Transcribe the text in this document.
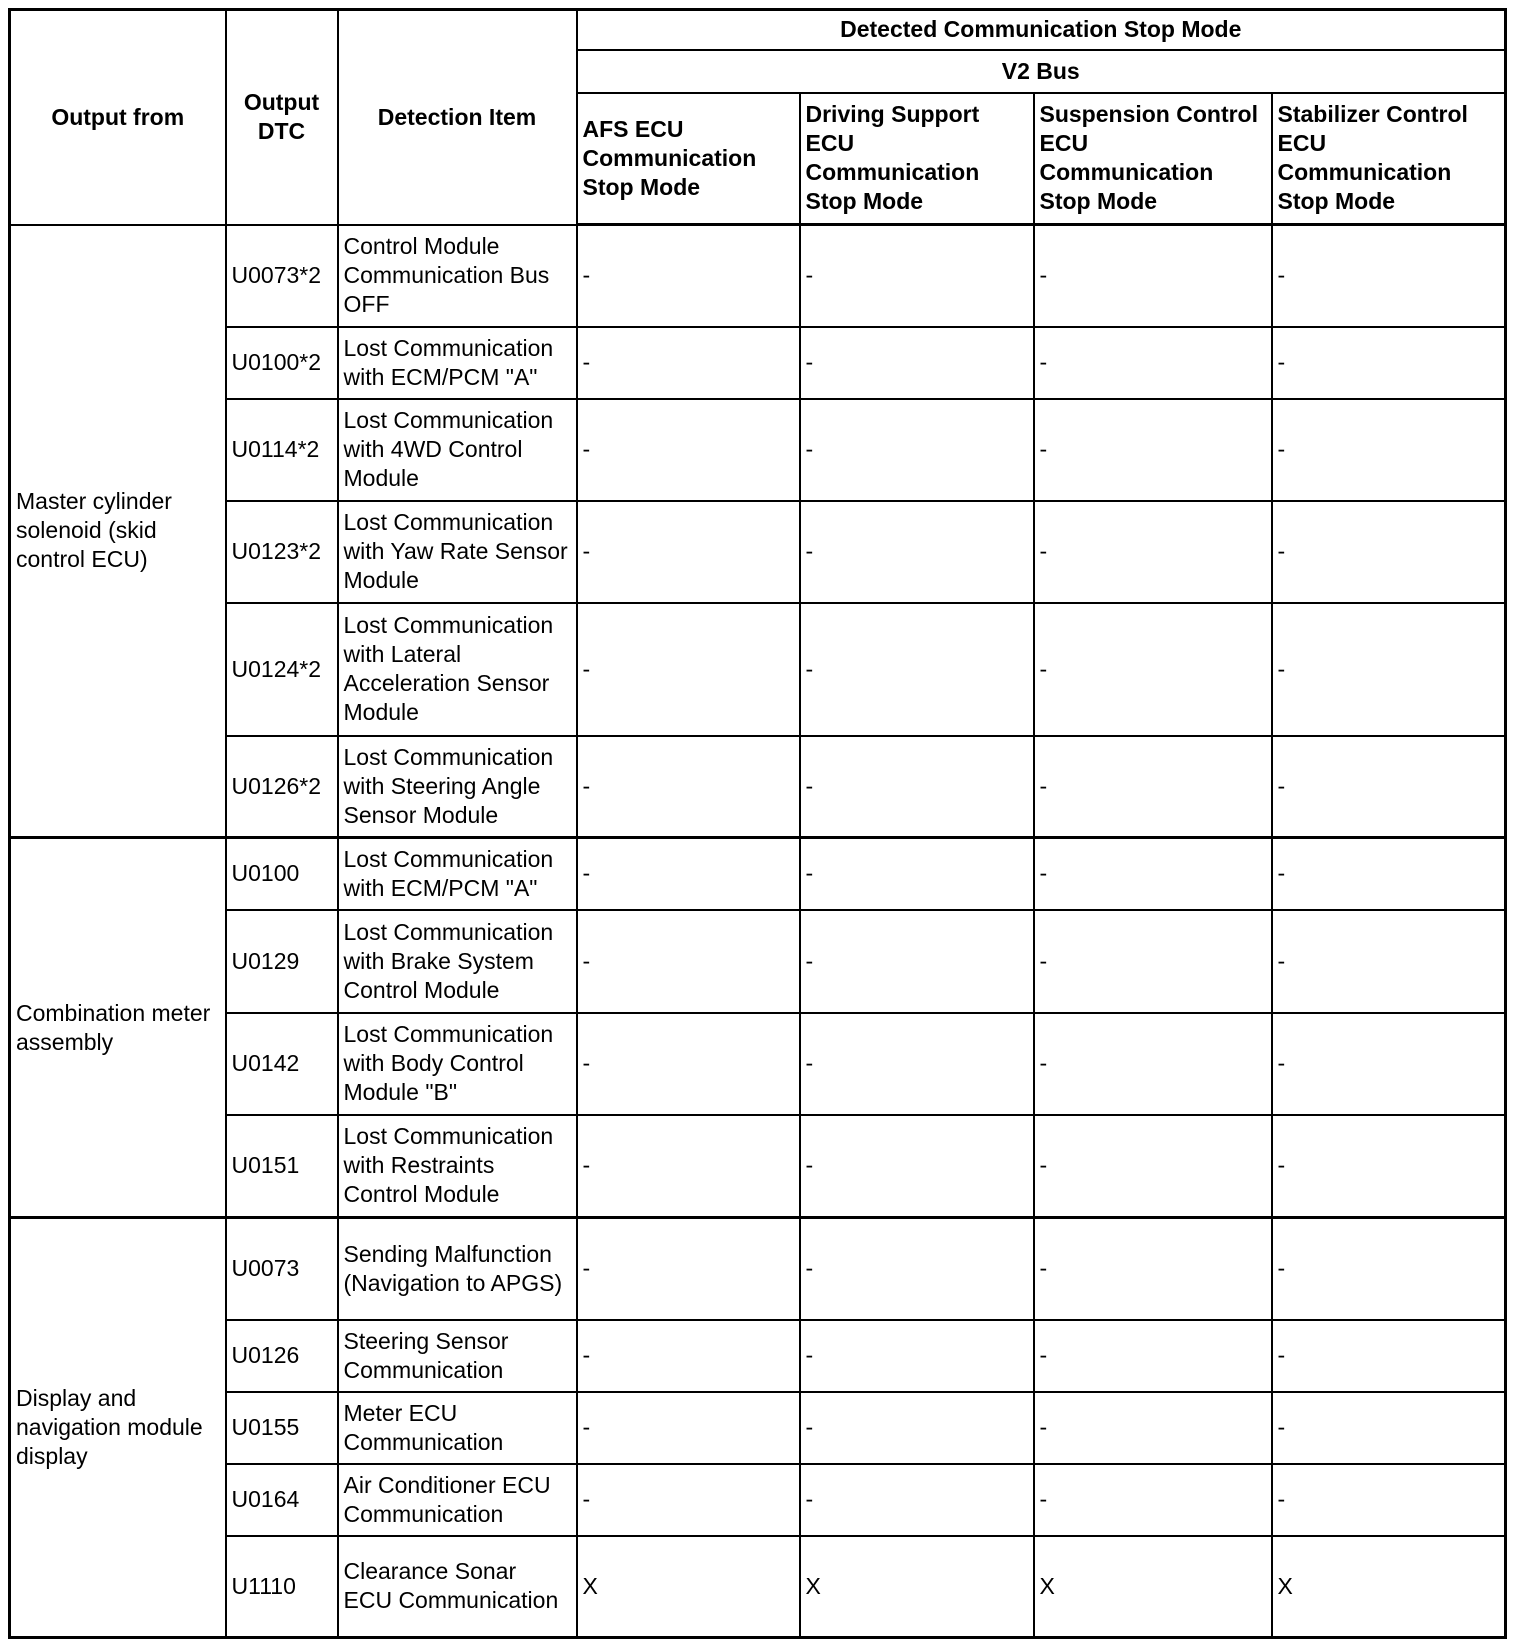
Output from	Output DTC	Detection Item	Detected Communication Stop Mode			
			V2 Bus			
			AFS ECU Communication Stop Mode	Driving Support ECU Communication Stop Mode	Suspension Control ECU Communication Stop Mode	Stabilizer Control ECU Communication Stop Mode
Master cylinder solenoid (skid control ECU)	U0073*2	Control Module Communication Bus OFF	-	-	-	-
	U0100*2	Lost Communication with ECM/PCM "A"	-	-	-	-
	U0114*2	Lost Communication with 4WD Control Module	-	-	-	-
	U0123*2	Lost Communication with Yaw Rate Sensor Module	-	-	-	-
	U0124*2	Lost Communication with Lateral Acceleration Sensor Module	-	-	-	-
	U0126*2	Lost Communication with Steering Angle Sensor Module	-	-	-	-
Combination meter assembly	U0100	Lost Communication with ECM/PCM "A"	-	-	-	-
	U0129	Lost Communication with Brake System Control Module	-	-	-	-
	U0142	Lost Communication with Body Control Module "B"	-	-	-	-
	U0151	Lost Communication with Restraints Control Module	-	-	-	-
Display and navigation module display	U0073	Sending Malfunction (Navigation to APGS)	-	-	-	-
	U0126	Steering Sensor Communication	-	-	-	-
	U0155	Meter ECU Communication	-	-	-	-
	U0164	Air Conditioner ECU Communication	-	-	-	-
	U1110	Clearance Sonar ECU Communication	X	X	X	X
